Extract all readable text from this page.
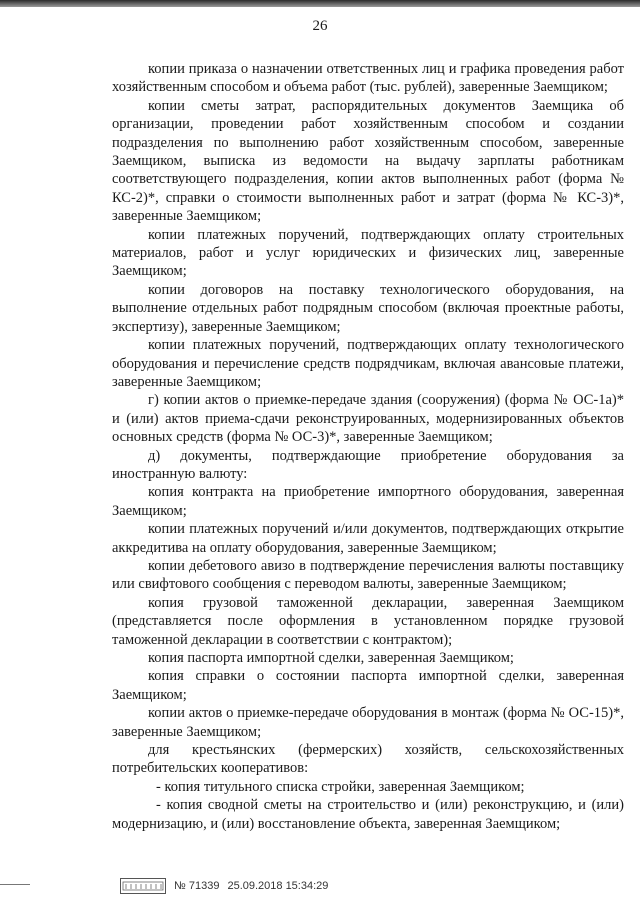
26

копии приказа о назначении ответственных лиц и графика проведения работ хозяйственным способом и объема работ (тыс. рублей), заверенные Заемщиком;

копии сметы затрат, распорядительных документов Заемщика об организации, проведении работ хозяйственным способом и создании подразделения по выполнению работ хозяйственным способом, заверенные Заемщиком, выписка из ведомости на выдачу зарплаты работникам соответствующего подразделения, копии актов выполненных работ (форма № КС-2)*, справки о стоимости выполненных работ и затрат (форма № КС-3)*, заверенные Заемщиком;

копии платежных поручений, подтверждающих оплату строительных материалов, работ и услуг юридических и физических лиц, заверенные Заемщиком;

копии договоров на поставку технологического оборудования, на выполнение отдельных работ подрядным способом (включая проектные работы, экспертизу), заверенные Заемщиком;

копии платежных поручений, подтверждающих оплату технологического оборудования и перечисление средств подрядчикам, включая авансовые платежи, заверенные Заемщиком;

г) копии актов о приемке-передаче здания (сооружения) (форма № ОС-1а)* и (или) актов приема-сдачи реконструированных, модернизированных объектов основных средств (форма № ОС-3)*, заверенные Заемщиком;

д) документы, подтверждающие приобретение оборудования за иностранную валюту:

копия контракта на приобретение импортного оборудования, заверенная Заемщиком;

копии платежных поручений и/или документов, подтверждающих открытие аккредитива на оплату оборудования, заверенные Заемщиком;

копии дебетового авизо в подтверждение перечисления валюты поставщику или свифтового сообщения с переводом валюты, заверенные Заемщиком;

копия грузовой таможенной декларации, заверенная Заемщиком (представляется после оформления в установленном порядке грузовой таможенной декларации в соответствии с контрактом);

копия паспорта импортной сделки, заверенная Заемщиком;

копия справки о состоянии паспорта импортной сделки, заверенная Заемщиком;

копии актов о приемке-передаче оборудования в монтаж (форма № ОС-15)*, заверенные Заемщиком;

для крестьянских (фермерских) хозяйств, сельскохозяйственных потребительских кооперативов:

- копия титульного списка стройки, заверенная Заемщиком;

- копия сводной сметы на строительство и (или) реконструкцию, и (или) модернизацию, и (или) восстановление объекта, заверенная Заемщиком;

№ 71339 25.09.2018 15:34:29
